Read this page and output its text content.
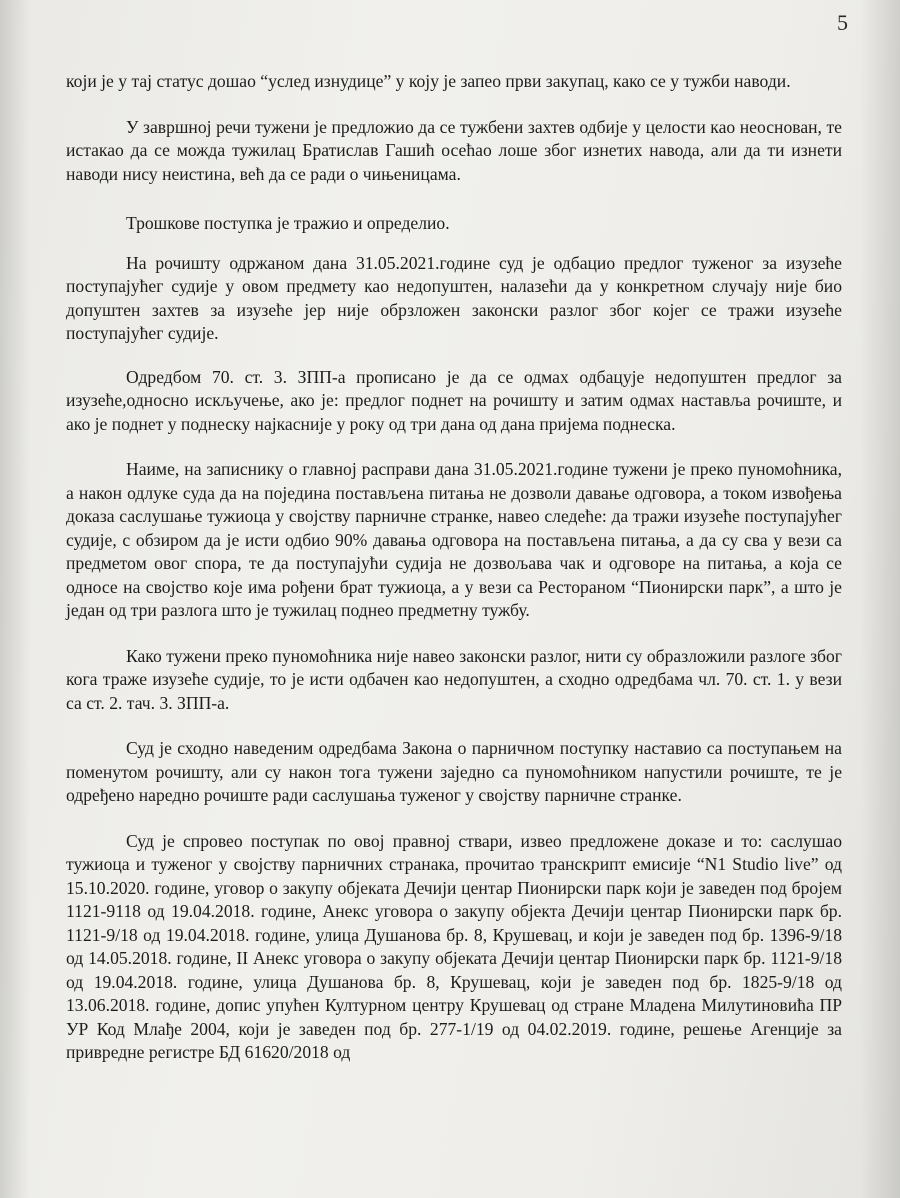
5

који је у тај статус дошао “услед изнудице” у коју је запео први закупац, како се у тужби наводи.

У завршној речи тужени је предложио да се тужбени захтев одбије у целости као неоснован, те истакао да се можда тужилац Братислав Гашић осећао лоше због изнетих навода, али да ти изнети наводи нису неистина, већ да се ради о чињеницама.

Трошкове поступка је тражио и определио.

На рочишту одржаном дана 31.05.2021.године суд је одбацио предлог туженог за изузеће поступајућег судије у овом предмету као недопуштен, налазећи да у конкретном случају није био допуштен захтев за изузеће јер није обрзложен законски разлог због којег се тражи изузеће поступајућег судије.

Одредбом 70. ст. 3. ЗПП-а прописано је да се одмах одбацује недопуштен предлог за изузеће,односно искључење, ако је: предлог поднет на рочишту и затим одмах наставља рочиште, и ако је поднет у поднеску најкасније у року од три дана од дана пријема поднеска.

Наиме, на записнику о главној расправи дана 31.05.2021.године тужени је преко пуномоћника, а након одлуке суда да на поједина постављена питања не дозволи давање одговора, а током извођења доказа саслушање тужиоца у својству парничне странке, навео следеће: да тражи изузеће поступајућег судије, с обзиром да је исти одбио 90% давања одговора на постављена питања, а да су сва у вези са предметом овог спора, те да поступајући судија не дозвољава чак и одговоре на питања, а која се односе на својство које има рођени брат тужиоца, а у вези са Ресторaном “Пионирски парк”, а што је један од три разлога што је тужилац поднео предметну тужбу.

Како тужени преко пуномоћника није навео законски разлог, нити су образложили разлоге због кога траже изузеће судије, то је исти одбачен као недопуштен, а сходно одредбама чл. 70. ст. 1. у вези са ст. 2. тач. 3. ЗПП-а.

Суд је сходно наведеним одредбама Закона о парничном поступку наставио са поступањем на поменутом рочишту, али су након тога тужени заједно са пуномоћником напустили рочиште, те је одређено наредно рочиште ради саслушања туженог у својству парничне странке.

Суд је спровео поступак по овој правној ствари, извео предложене доказе и то: саслушао тужиоца и туженог у својству парничних странака, прочитао транскрипт емисије “N1 Studio live” од 15.10.2020. године, уговор о закупу објеката Дечији центар Пионирски парк који је заведен под бројем 1121-9118 од 19.04.2018. године, Анекс уговора о закупу објекта Дечији центар Пионирски парк бр. 1121-9/18 од 19.04.2018. године, улица Душанова бр. 8, Крушевац, и који је заведен под бр. 1396-9/18 од 14.05.2018. године, II Анекс уговора о закупу објеката Дечији центар Пионирски парк бр. 1121-9/18 од 19.04.2018. године, улица Душанова бр. 8, Крушевац, који је заведен под бр. 1825-9/18 од 13.06.2018. године, допис упућен Културном центру Крушевац од стране Младена Милутиновића ПР УР Код Млађе 2004, који је заведен под бр. 277-1/19 од 04.02.2019. године, решење Агенције за привредне регистре БД 61620/2018 од
